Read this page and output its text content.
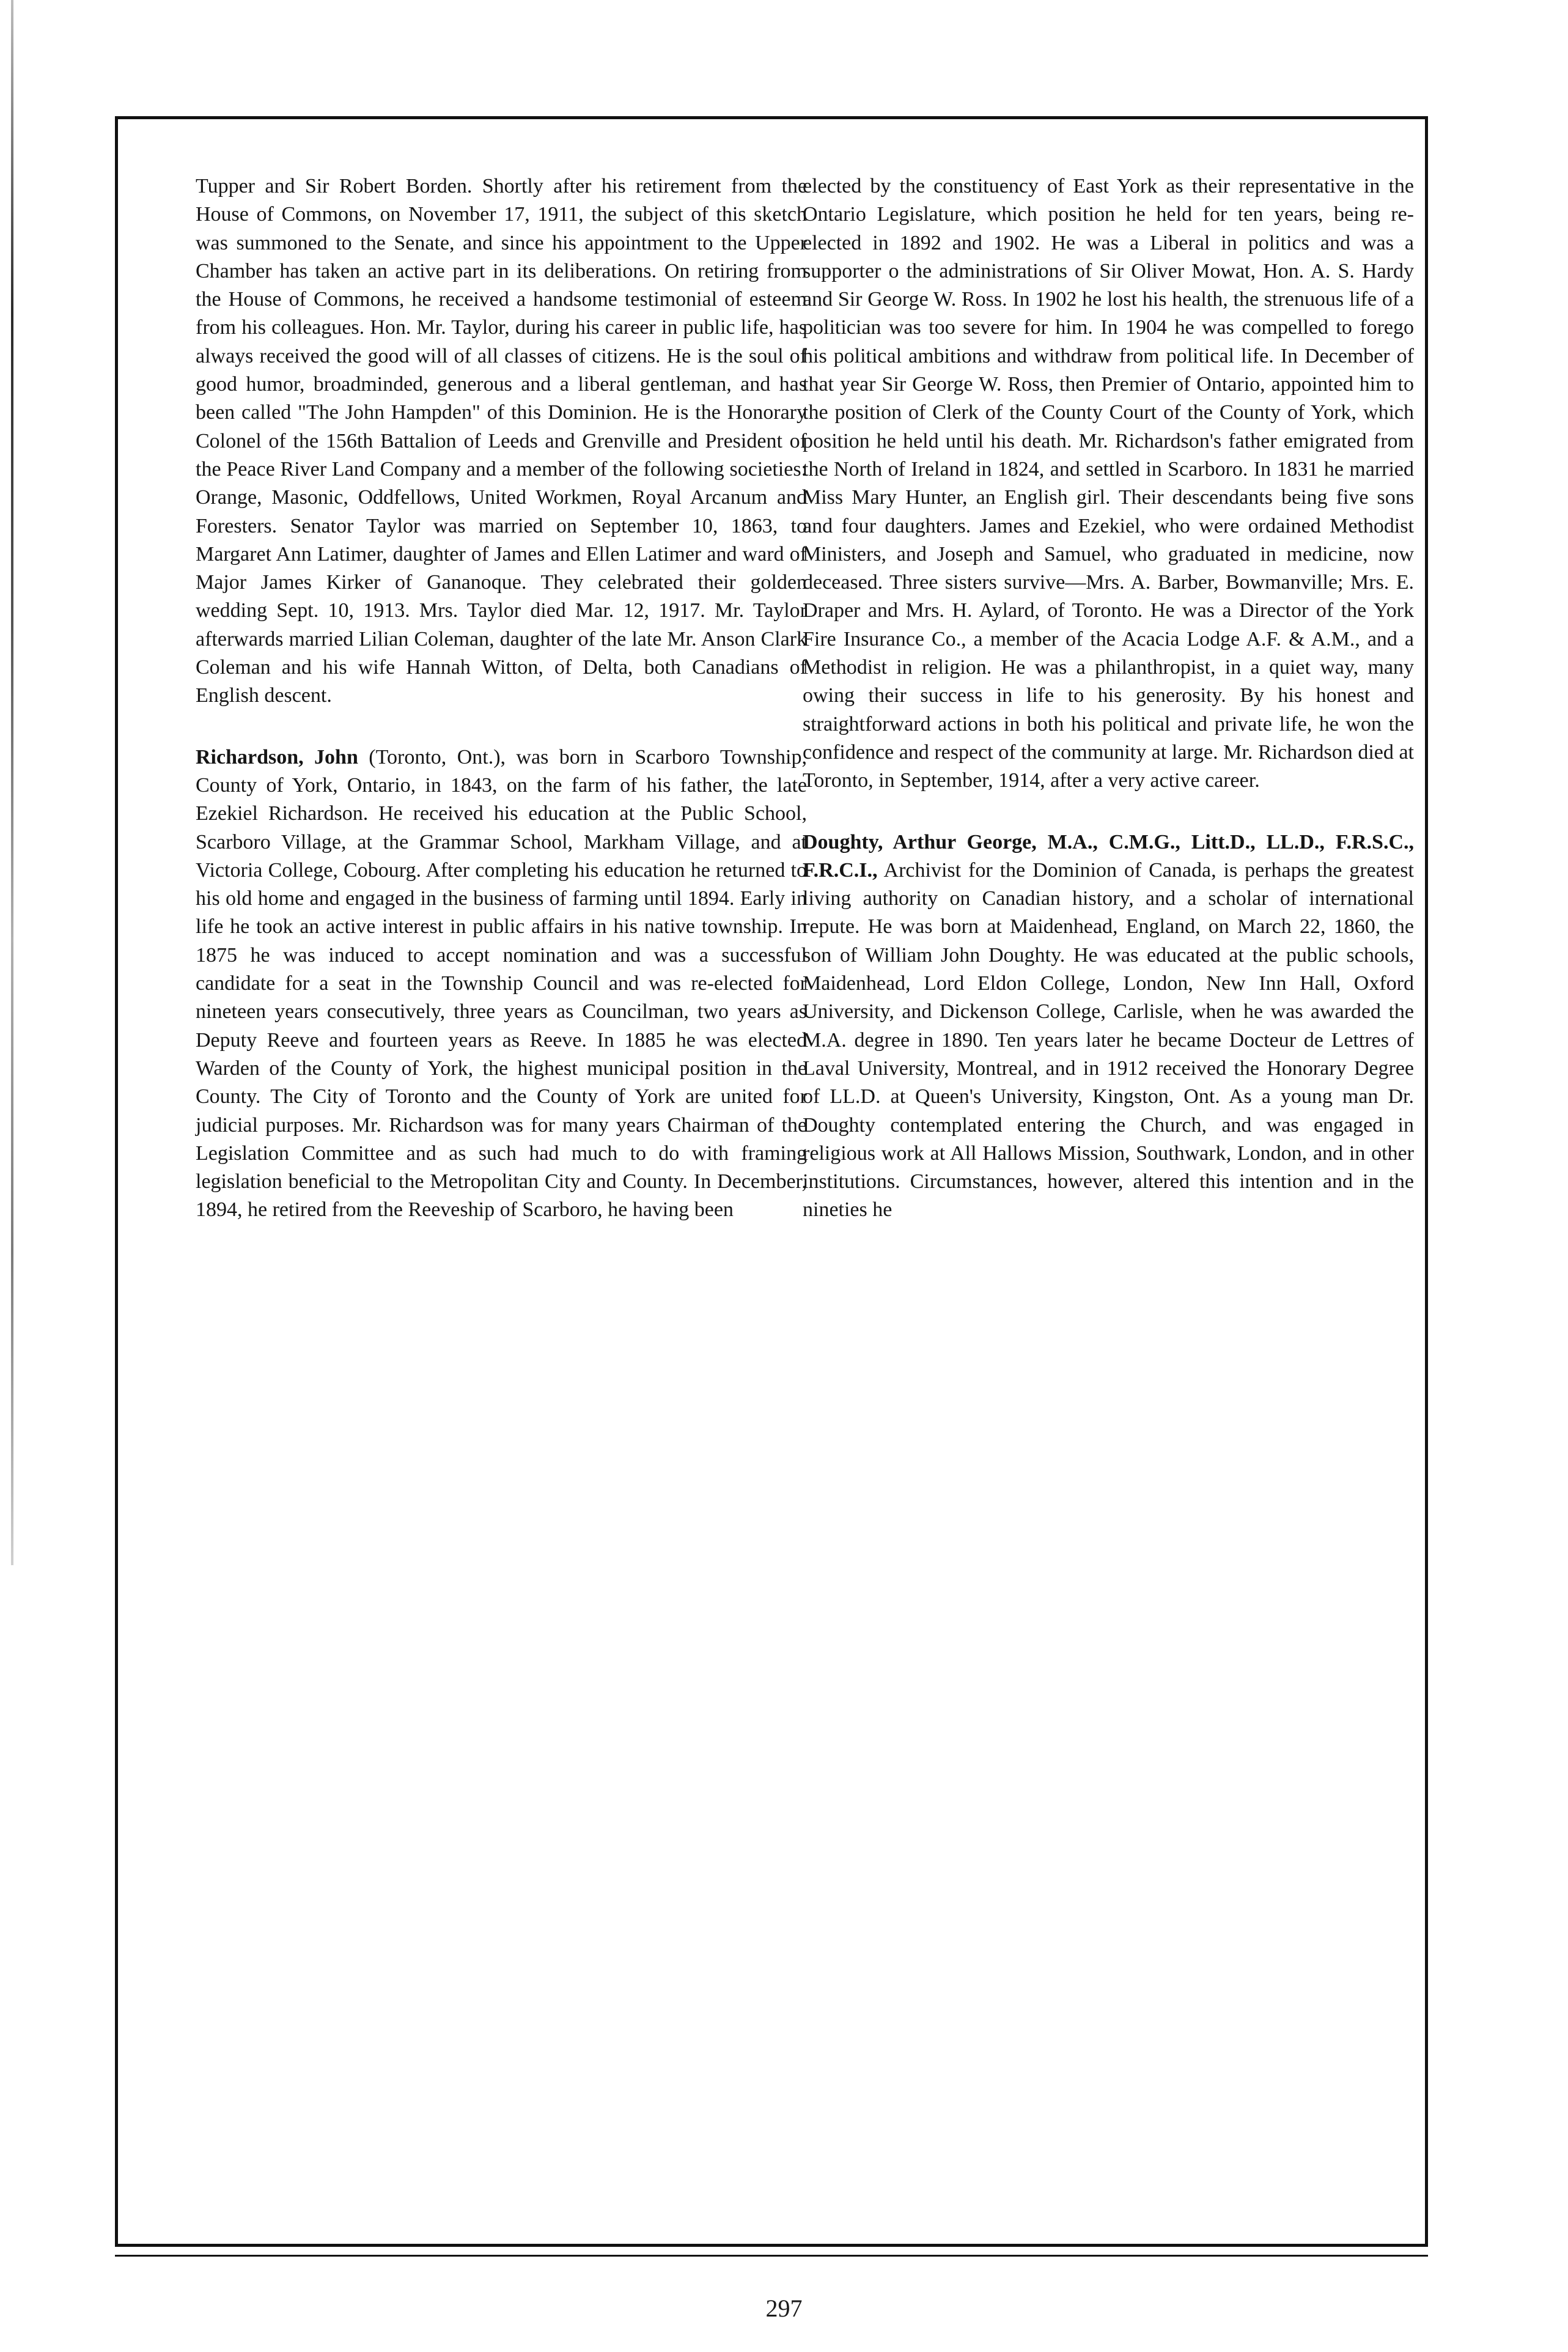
Tupper and Sir Robert Borden. Shortly after his retirement from the House of Commons, on November 17, 1911, the subject of this sketch was summoned to the Senate, and since his appointment to the Upper Chamber has taken an active part in its deliberations. On retiring from the House of Commons, he received a handsome testimonial of esteem from his colleagues. Hon. Mr. Taylor, during his career in public life, has always received the good will of all classes of citizens. He is the soul of good humor, broadminded, generous and a liberal gentleman, and has been called "The John Hampden" of this Dominion. He is the Honorary Colonel of the 156th Battalion of Leeds and Grenville and President of the Peace River Land Company and a member of the following societies: Orange, Masonic, Oddfellows, United Workmen, Royal Arcanum and Foresters. Senator Taylor was married on September 10, 1863, to Margaret Ann Latimer, daughter of James and Ellen Latimer and ward of Major James Kirker of Gananoque. They celebrated their golden wedding Sept. 10, 1913. Mrs. Taylor died Mar. 12, 1917. Mr. Taylor afterwards married Lilian Coleman, daughter of the late Mr. Anson Clark Coleman and his wife Hannah Witton, of Delta, both Canadians of English descent.

Richardson, John (Toronto, Ont.), was born in Scarboro Township, County of York, Ontario, in 1843, on the farm of his father, the late Ezekiel Richardson. He received his education at the Public School, Scarboro Village, at the Grammar School, Markham Village, and at Victoria College, Cobourg. After completing his education he returned to his old home and engaged in the business of farming until 1894. Early in life he took an active interest in public affairs in his native township. In 1875 he was induced to accept nomination and was a successful candidate for a seat in the Township Council and was re-elected for nineteen years consecutively, three years as Councilman, two years as Deputy Reeve and fourteen years as Reeve. In 1885 he was elected Warden of the County of York, the highest municipal position in the County. The City of Toronto and the County of York are united for judicial purposes. Mr. Richardson was for many years Chairman of the Legislation Committee and as such had much to do with framing legislation beneficial to the Metropolitan City and County. In December, 1894, he retired from the Reeveship of Scarboro, he having been

elected by the constituency of East York as their representative in the Ontario Legislature, which position he held for ten years, being re-elected in 1892 and 1902. He was a Liberal in politics and was a supporter o the administrations of Sir Oliver Mowat, Hon. A. S. Hardy and Sir George W. Ross. In 1902 he lost his health, the strenuous life of a politician was too severe for him. In 1904 he was compelled to forego his political ambitions and withdraw from political life. In December of that year Sir George W. Ross, then Premier of Ontario, appointed him to the position of Clerk of the County Court of the County of York, which position he held until his death. Mr. Richardson's father emigrated from the North of Ireland in 1824, and settled in Scarboro. In 1831 he married Miss Mary Hunter, an English girl. Their descendants being five sons and four daughters. James and Ezekiel, who were ordained Methodist Ministers, and Joseph and Samuel, who graduated in medicine, now deceased. Three sisters survive—Mrs. A. Barber, Bowmanville; Mrs. E. Draper and Mrs. H. Aylard, of Toronto. He was a Director of the York Fire Insurance Co., a member of the Acacia Lodge A.F. & A.M., and a Methodist in religion. He was a philanthropist, in a quiet way, many owing their success in life to his generosity. By his honest and straightforward actions in both his political and private life, he won the confidence and respect of the community at large. Mr. Richardson died at Toronto, in September, 1914, after a very active career.

Doughty, Arthur George, M.A., C.M.G., Litt.D., LL.D., F.R.S.C., F.R.C.I., Archivist for the Dominion of Canada, is perhaps the greatest living authority on Canadian history, and a scholar of international repute. He was born at Maidenhead, England, on March 22, 1860, the son of William John Doughty. He was educated at the public schools, Maidenhead, Lord Eldon College, London, New Inn Hall, Oxford University, and Dickenson College, Carlisle, when he was awarded the M.A. degree in 1890. Ten years later he became Docteur de Lettres of Laval University, Montreal, and in 1912 received the Honorary Degree of LL.D. at Queen's University, Kingston, Ont. As a young man Dr. Doughty contemplated entering the Church, and was engaged in religious work at All Hallows Mission, Southwark, London, and in other institutions. Circumstances, however, altered this intention and in the nineties he

297
